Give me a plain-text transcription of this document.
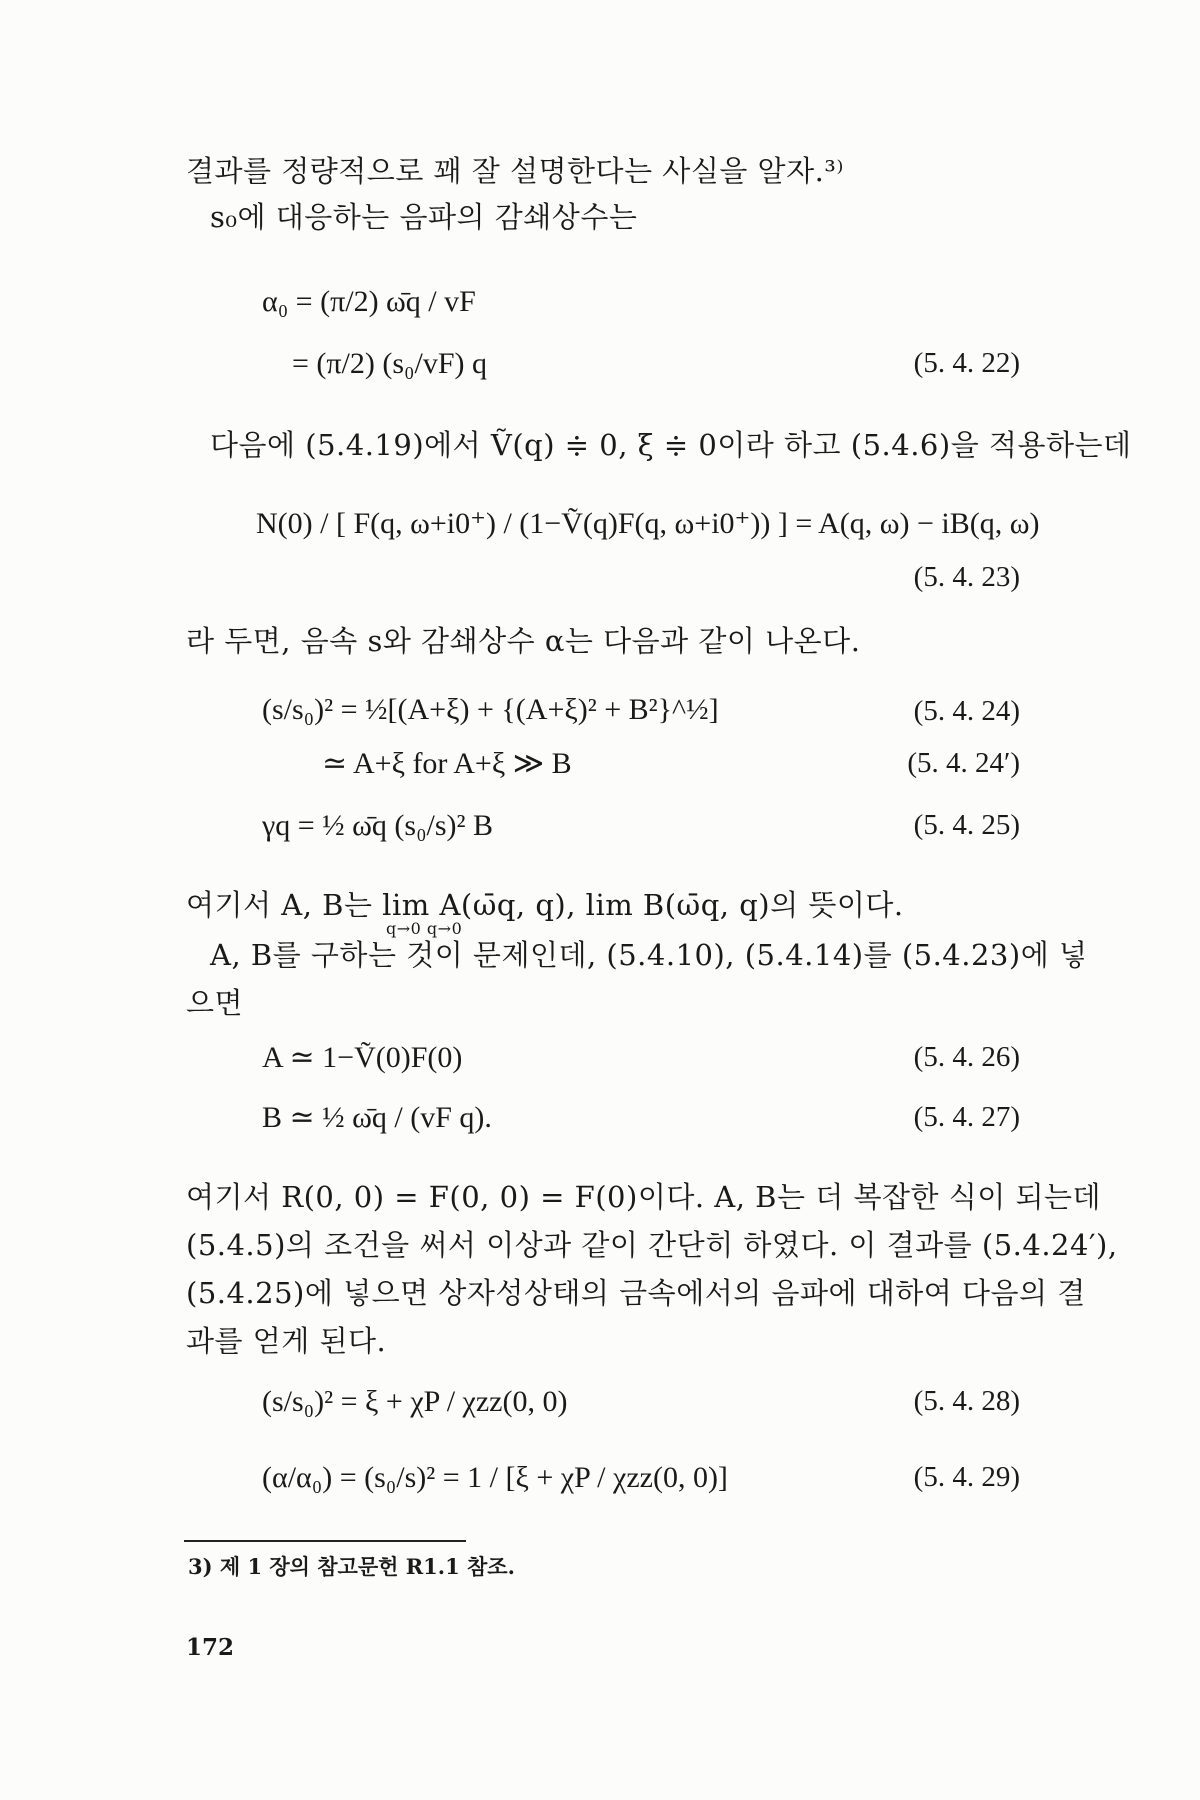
결과를 정량적으로 꽤 잘 설명한다는 사실을 알자.³⁾
s₀에 대응하는 음파의 감쇄상수는
α₀ = (π/2) ω̄q / vF
= (π/2) (s₀/vF) q	(5. 4. 22)
다음에 (5.4.19)에서 Ṽ(q) ≑ 0, ξ ≑ 0이라 하고 (5.4.6)을 적용하는데
N(0) / [ F(q, ω+i0⁺) / (1−Ṽ(q)F(q, ω+i0⁺)) ] = A(q, ω) − iB(q, ω)
(5. 4. 23)
라 두면, 음속 s와 감쇄상수 α는 다음과 같이 나온다.
(s/s₀)² = ½[(A+ξ) + {(A+ξ)² + B²}^½]	(5. 4. 24)
≃ A+ξ for A+ξ ≫ B	(5. 4. 24′)
γq = ½ ω̄q (s₀/s)² B	(5. 4. 25)
여기서 A, B는 lim A(ω̄q, q), lim B(ω̄q, q)의 뜻이다.
q→0 q→0
A, B를 구하는 것이 문제인데, (5.4.10), (5.4.14)를 (5.4.23)에 넣
으면
A ≃ 1−Ṽ(0)F(0)	(5. 4. 26)
B ≃ ½ ω̄q / (vF q).	(5. 4. 27)
여기서 R(0, 0) = F(0, 0) = F(0)이다. A, B는 더 복잡한 식이 되는데
(5.4.5)의 조건을 써서 이상과 같이 간단히 하였다. 이 결과를 (5.4.24′),
(5.4.25)에 넣으면 상자성상태의 금속에서의 음파에 대하여 다음의 결
과를 얻게 된다.
(s/s₀)² = ξ + χP / χzz(0, 0)	(5. 4. 28)
(α/α₀) = (s₀/s)² = 1 / [ξ + χP / χzz(0, 0)]	(5. 4. 29)
3) 제 1 장의 참고문헌 R1.1 참조.
172
